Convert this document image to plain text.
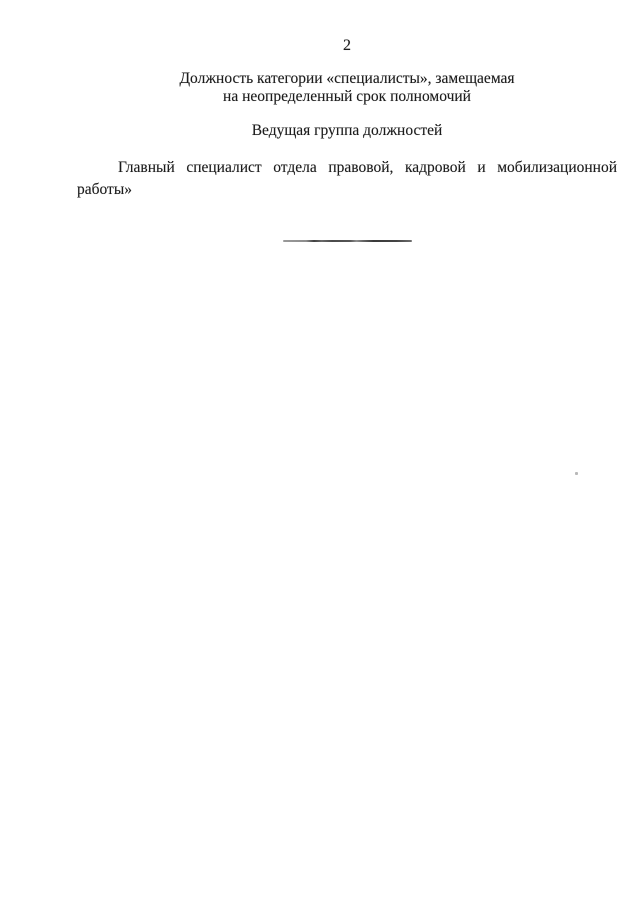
2
Должность категории «специалисты», замещаемая
на неопределенный срок полномочий
Ведущая группа должностей
Главный специалист отдела правовой, кадровой и мобилизационной
работы»
